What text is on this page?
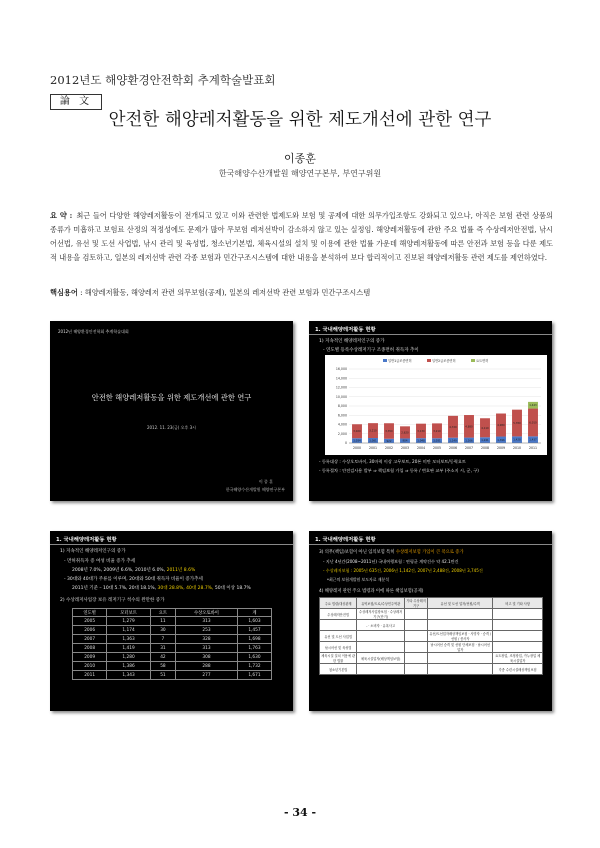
2012년도 해양환경안전학회 추계학술발표회
論 文
안전한 해양레저활동을 위한 제도개선에 관한 연구
이종훈
한국해양수산개발원 해양연구본부, 부연구위원
요 약 : 최근 들어 다양한 해양레저활동이 전개되고 있고 이와 관련한 법제도와 보험 및 공제에 대한 의무가입조항도 강화되고 있으나, 아직은 보험 관련 상품의 종류가 미흡하고 보험료 산정의 적정성에도 문제가 많아 무보험 레저선박이 감소하지 않고 있는 실정임. 해양레저활동에 관한 주요 법률 즉 수상레저안전법, 낚시어선법, 유선 및 도선 사업법, 낚시 관리 및 육성법, 청소년기본법, 체육시설의 설치 및 이용에 관한 법률 가운데 해양레저활동에 따른 안전과 보험 등을 다룬 제도적 내용을 검토하고, 일본의 레저선박 관련 각종 보험과 민간구조시스템에 대한 내용을 분석하여 보다 합리적이고 진보된 해양레저활동 관련 제도를 제언하였다.
핵심용어 : 해양레저활동, 해양레저 관련 의무보험(공제), 일본의 레저선박 관련 보험과 민간구조시스템
2012년 해양환경안전학회 추계학술대회
안전한 해양레저활동을 위한 제도개선에 관한 연구
2012. 11. 23(금) 오후 3시
이 종 훈
한국해양수산개발원 해양연구본부
1. 국내해양레저활동 현황
1) 지속적인 해양레저인구의 증가
- 연도별 등록수상레저기구 조종면허 취득자 추이
0
2,000
4,000
6,000
8,000
10,000
12,000
14,000
16,000
일반1급조종면허	일반2급조종면허	요트면허
1,034
3,020
2000
1,081
3,210
2001
922
3,350
2002
984
2,620
2003
1,048
3,130
2004
1,031
3,210
2005
1,149
4,720
2006
1,166
4,880
2007
1,241
4,110
2008
1,396
4,980
2009
1,428
5,780
2010
1,437
6,010
1,443
2011
- 등록대상 : 수상오토바이, 30마력 이상 고무보트, 20톤 미만 모터보트/동력요트
- 등록절차 : 안전검사용 발부 ⇒ 책임보험 가입 ⇒ 등록 / 변호판 교부 (주소지 시, 군, 구)
1. 국내해양레저활동 현황
1) 지속적인 해양레저인구의 증가
- 면허취득자 증 여성 비율 증가 추세
2008년 7.0%, 2009년 6.6%, 2010년 6.0%, 2011년 8.6%
- 30대와 40대가 주류를 이루며, 20대와 50대 취득자 비율이 증가추세
2011년 기준 – 10대 5.7%, 20대 18.1%, 30대 28.8%, 40대 28.7%, 50대 이상 18.7%
2) 수상레저사업장 보유 레저기구 척수의 완만한 증가
연도별	모터보트	요트	수상오토바이	계
2005	1,279	11	313	1,603
2006	1,174	30	253	1,457
2007	1,363	7	328	1,698
2008	1,419	31	313	1,763
2009	1,280	42	308	1,630
2010	1,386	58	288	1,732
2011	1,343	51	277	1,671
1. 국내해양레저활동 현황
3) 의무(책임)보험이 아닌 임의보험 특히 수상레저보험 가입이 큰 폭으로 증가
- 지난 4년간(2008~2011년) 국내여행보험 : 연평균 계약건수 약 42.1만건
- 수상레저보험 : 2005년 635건, 2006년 1,142건, 2007년 2,488건, 2008년 3,745건
*최근의 보험개발원 보도자료 재분석
4) 해양레저 관련 주요 법령과 이에 따른 책임보험(공제)
주요 법령/대상관계	유역보험/도로/수상민주역관	기타 수상레저기구	유선 및 도선 업자/선원/수객	비고 및 기타 사항
수상레저안전법	수상레저사업장보험 · 수상레저기구(단기)			
	- · 소비자 · 유혹사고			
유선 및 도선 사업법			유선/도선업자배상책임보험 · 사망자 · 승객 / 선원 / 종사자	
낚시어선 및 육성법			낚시어선 승객 및 선원 단체보험 · 낚시어선업자	
체육시설 설치 이용에 관한 법률	체육시설업자(배상책임보험)			요트장업, 조정장업, 카누장업 체육시설업자
청소년기본법				각종 수련시설배상책임보험
- 34 -
